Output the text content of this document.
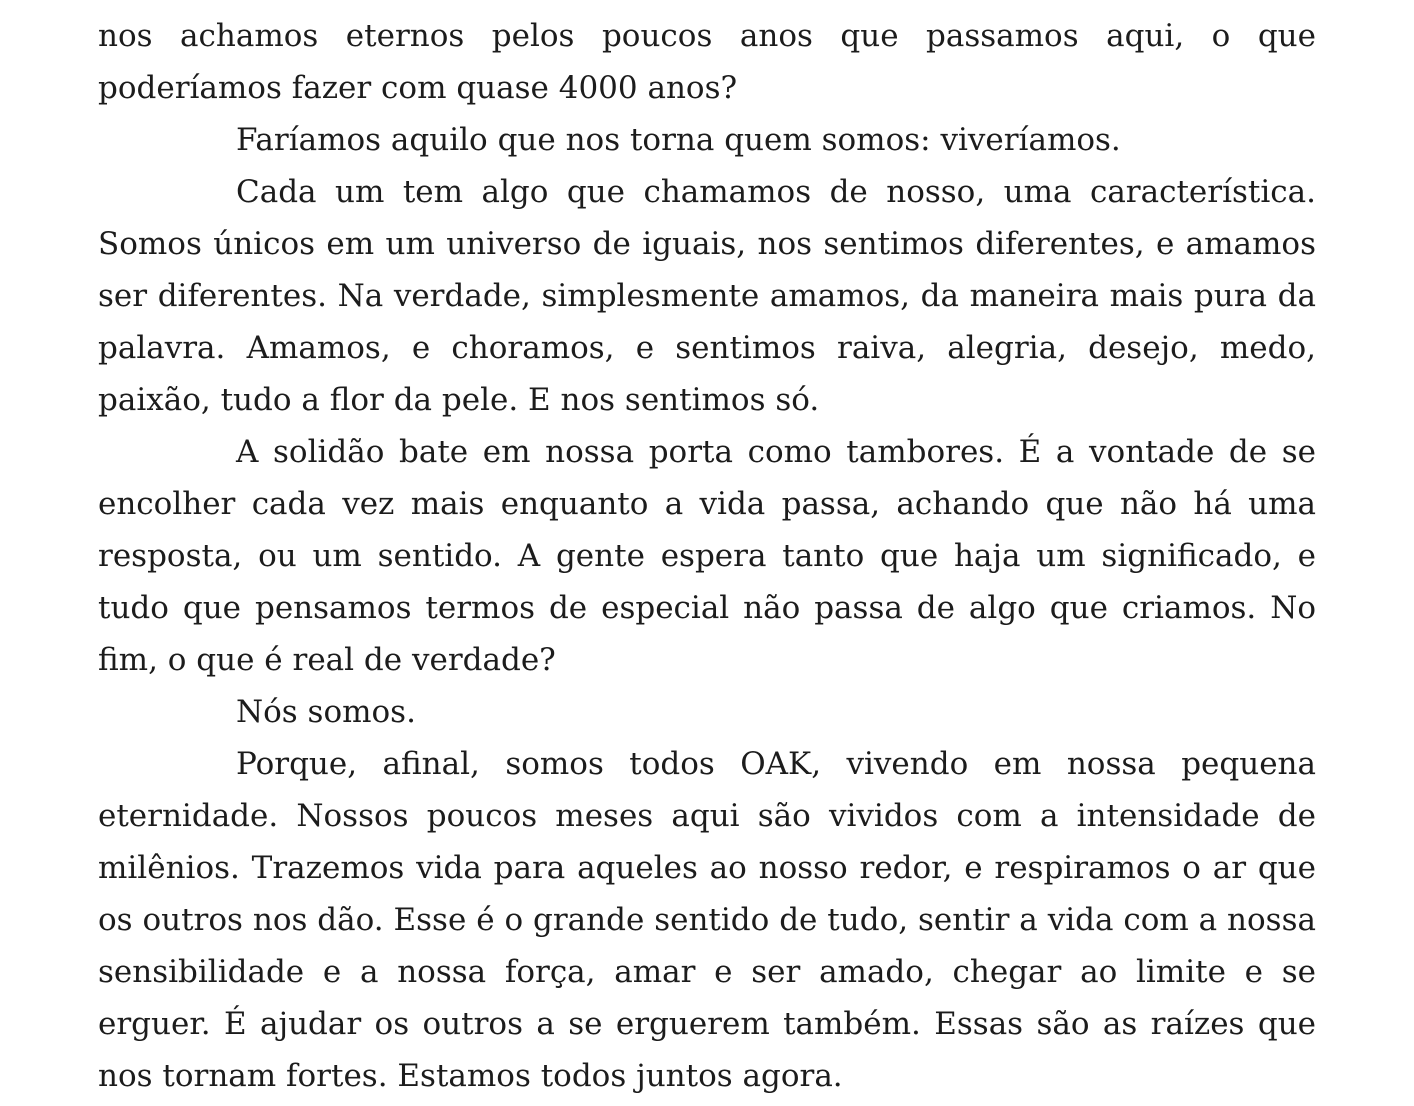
nos achamos eternos pelos poucos anos que passamos aqui, o que poderíamos fazer com quase 4000 anos?

Faríamos aquilo que nos torna quem somos: viveríamos.

Cada um tem algo que chamamos de nosso, uma característica. Somos únicos em um universo de iguais, nos sentimos diferentes, e amamos ser diferentes. Na verdade, simplesmente amamos, da maneira mais pura da palavra. Amamos, e choramos, e sentimos raiva, alegria, desejo, medo, paixão, tudo a flor da pele. E nos sentimos só.

A solidão bate em nossa porta como tambores. É a vontade de se encolher cada vez mais enquanto a vida passa, achando que não há uma resposta, ou um sentido. A gente espera tanto que haja um significado, e tudo que pensamos termos de especial não passa de algo que criamos. No fim, o que é real de verdade?

Nós somos.

Porque, afinal, somos todos OAK, vivendo em nossa pequena eternidade. Nossos poucos meses aqui são vividos com a intensidade de milênios. Trazemos vida para aqueles ao nosso redor, e respiramos o ar que os outros nos dão. Esse é o grande sentido de tudo, sentir a vida com a nossa sensibilidade e a nossa força, amar e ser amado, chegar ao limite e se erguer. É ajudar os outros a se erguerem também. Essas são as raízes que nos tornam fortes. Estamos todos juntos agora.
